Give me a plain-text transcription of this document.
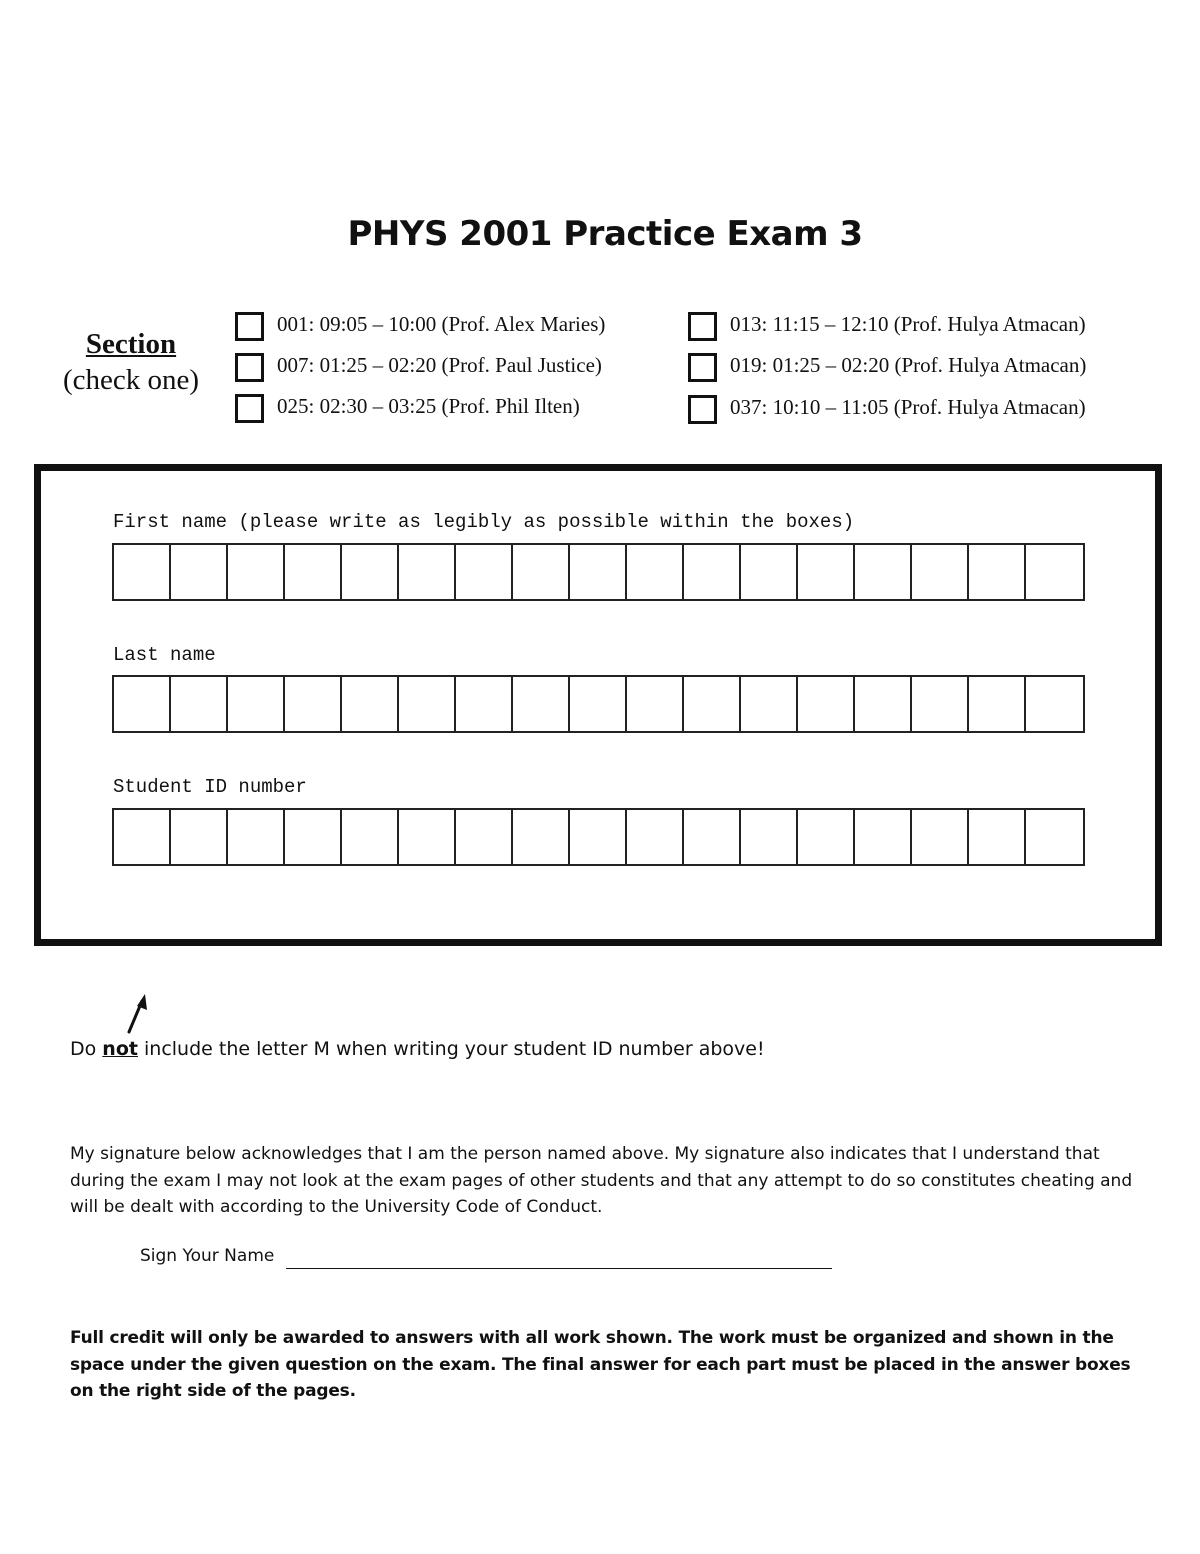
PHYS 2001 Practice Exam 3
Section
(check one)
001: 09:05 – 10:00 (Prof. Alex Maries)
007: 01:25 – 02:20 (Prof. Paul Justice)
025: 02:30 – 03:25 (Prof. Phil Ilten)
013: 11:15 – 12:10 (Prof. Hulya Atmacan)
019: 01:25 – 02:20 (Prof. Hulya Atmacan)
037: 10:10 – 11:05 (Prof. Hulya Atmacan)
First name (please write as legibly as possible within the boxes)
Last name
Student ID number
Do not include the letter M when writing your student ID number above!
My signature below acknowledges that I am the person named above. My signature also indicates that I understand that during the exam I may not look at the exam pages of other students and that any attempt to do so constitutes cheating and will be dealt with according to the University Code of Conduct.
Sign Your Name
Full credit will only be awarded to answers with all work shown. The work must be organized and shown in the space under the given question on the exam. The final answer for each part must be placed in the answer boxes on the right side of the pages.
